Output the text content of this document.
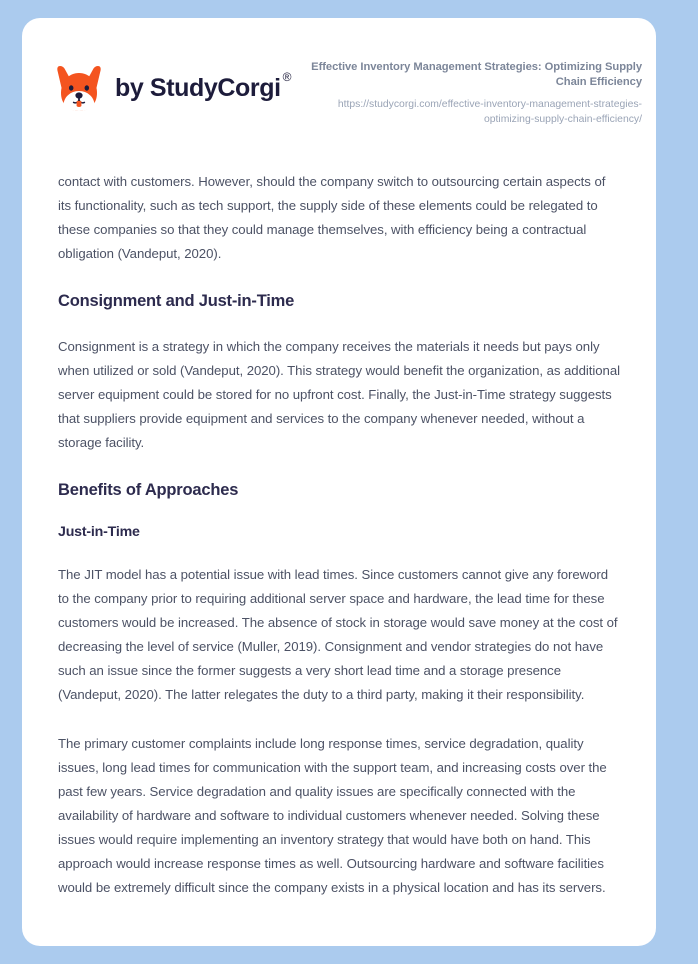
by StudyCorgi ®

Effective Inventory Management Strategies: Optimizing Supply Chain Efficiency

https://studycorgi.com/effective-inventory-management-strategies-optimizing-supply-chain-efficiency/

contact with customers. However, should the company switch to outsourcing certain aspects of its functionality, such as tech support, the supply side of these elements could be relegated to these companies so that they could manage themselves, with efficiency being a contractual obligation (Vandeput, 2020).

Consignment and Just-in-Time

Consignment is a strategy in which the company receives the materials it needs but pays only when utilized or sold (Vandeput, 2020). This strategy would benefit the organization, as additional server equipment could be stored for no upfront cost. Finally, the Just-in-Time strategy suggests that suppliers provide equipment and services to the company whenever needed, without a storage facility.

Benefits of Approaches
Just-in-Time

The JIT model has a potential issue with lead times. Since customers cannot give any foreword to the company prior to requiring additional server space and hardware, the lead time for these customers would be increased. The absence of stock in storage would save money at the cost of decreasing the level of service (Muller, 2019). Consignment and vendor strategies do not have such an issue since the former suggests a very short lead time and a storage presence (Vandeput, 2020). The latter relegates the duty to a third party, making it their responsibility.

The primary customer complaints include long response times, service degradation, quality issues, long lead times for communication with the support team, and increasing costs over the past few years. Service degradation and quality issues are specifically connected with the availability of hardware and software to individual customers whenever needed. Solving these issues would require implementing an inventory strategy that would have both on hand. This approach would increase response times as well. Outsourcing hardware and software facilities would be extremely difficult since the company exists in a physical location and has its servers.
